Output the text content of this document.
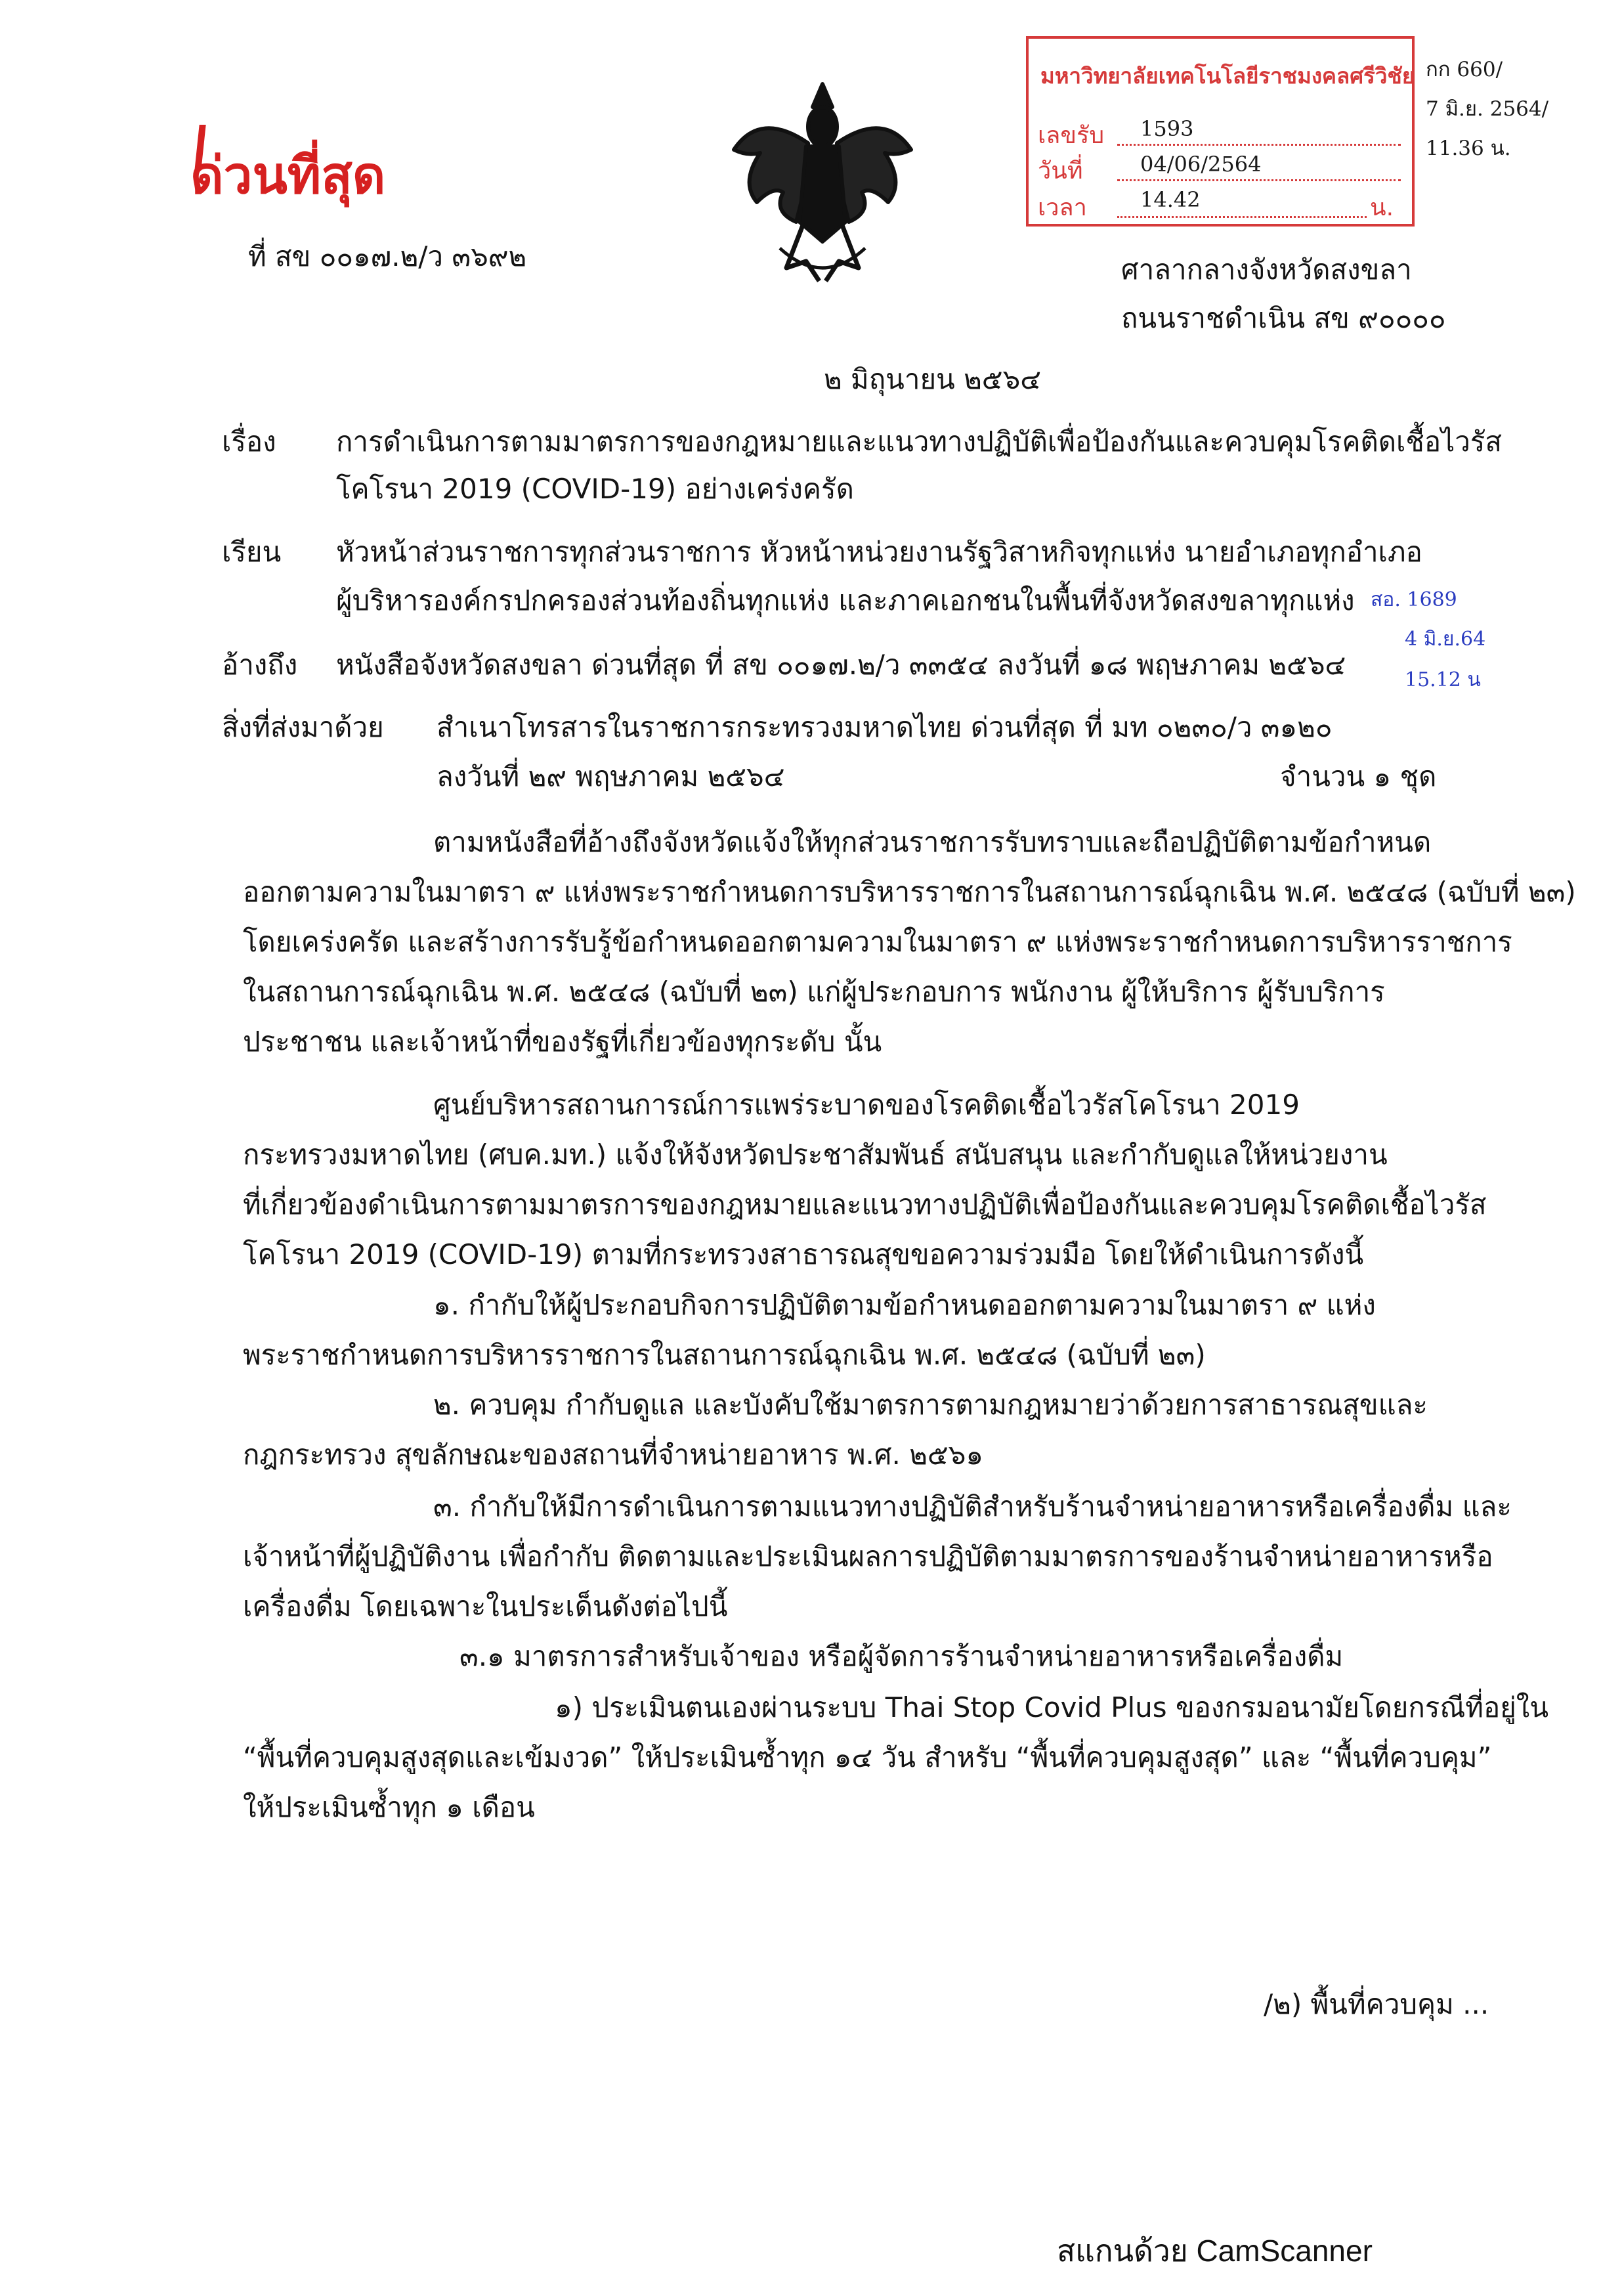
ด่วนที่สุด
ที่ สข ๐๐๑๗.๒/ว ๓๖๙๒
มหาวิทยาลัยเทคโนโลยีราชมงคลศรีวิชัย
เลขรับ 1593
วันที่	04/06/2564
เวลา	14.42	น.
กก 660/
7 มิ.ย. 2564/
11.36 น.
ศาลากลางจังหวัดสงขลา
ถนนราชดำเนิน สข ๙๐๐๐๐
๒ มิถุนายน ๒๕๖๔
เรื่อง การดำเนินการตามมาตรการของกฎหมายและแนวทางปฏิบัติเพื่อป้องกันและควบคุมโรคติดเชื้อไวรัส
โคโรนา 2019 (COVID-19) อย่างเคร่งครัด
เรียน หัวหน้าส่วนราชการทุกส่วนราชการ หัวหน้าหน่วยงานรัฐวิสาหกิจทุกแห่ง นายอำเภอทุกอำเภอ
ผู้บริหารองค์กรปกครองส่วนท้องถิ่นทุกแห่ง และภาคเอกชนในพื้นที่จังหวัดสงขลาทุกแห่ง สอ. 1689
4 มิ.ย.64
15.12 น
อ้างถึง หนังสือจังหวัดสงขลา ด่วนที่สุด ที่ สข ๐๐๑๗.๒/ว ๓๓๕๔ ลงวันที่ ๑๘ พฤษภาคม ๒๕๖๔
สิ่งที่ส่งมาด้วย สำเนาโทรสารในราชการกระทรวงมหาดไทย ด่วนที่สุด ที่ มท ๐๒๓๐/ว ๓๑๒๐
ลงวันที่ ๒๙ พฤษภาคม ๒๕๖๔	จำนวน ๑ ชุด
ตามหนังสือที่อ้างถึงจังหวัดแจ้งให้ทุกส่วนราชการรับทราบและถือปฏิบัติตามข้อกำหนด
ออกตามความในมาตรา ๙ แห่งพระราชกำหนดการบริหารราชการในสถานการณ์ฉุกเฉิน พ.ศ. ๒๕๔๘ (ฉบับที่ ๒๓)
โดยเคร่งครัด และสร้างการรับรู้ข้อกำหนดออกตามความในมาตรา ๙ แห่งพระราชกำหนดการบริหารราชการ
ในสถานการณ์ฉุกเฉิน พ.ศ. ๒๕๔๘ (ฉบับที่ ๒๓) แก่ผู้ประกอบการ พนักงาน ผู้ให้บริการ ผู้รับบริการ
ประชาชน และเจ้าหน้าที่ของรัฐที่เกี่ยวข้องทุกระดับ นั้น
ศูนย์บริหารสถานการณ์การแพร่ระบาดของโรคติดเชื้อไวรัสโคโรนา 2019
กระทรวงมหาดไทย (ศบค.มท.) แจ้งให้จังหวัดประชาสัมพันธ์ สนับสนุน และกำกับดูแลให้หน่วยงาน
ที่เกี่ยวข้องดำเนินการตามมาตรการของกฎหมายและแนวทางปฏิบัติเพื่อป้องกันและควบคุมโรคติดเชื้อไวรัส
โคโรนา 2019 (COVID-19) ตามที่กระทรวงสาธารณสุขขอความร่วมมือ โดยให้ดำเนินการดังนี้
๑. กำกับให้ผู้ประกอบกิจการปฏิบัติตามข้อกำหนดออกตามความในมาตรา ๙ แห่ง
พระราชกำหนดการบริหารราชการในสถานการณ์ฉุกเฉิน พ.ศ. ๒๕๔๘ (ฉบับที่ ๒๓)
๒. ควบคุม กำกับดูแล และบังคับใช้มาตรการตามกฎหมายว่าด้วยการสาธารณสุขและ
กฎกระทรวง สุขลักษณะของสถานที่จำหน่ายอาหาร พ.ศ. ๒๕๖๑
๓. กำกับให้มีการดำเนินการตามแนวทางปฏิบัติสำหรับร้านจำหน่ายอาหารหรือเครื่องดื่ม และ
เจ้าหน้าที่ผู้ปฏิบัติงาน เพื่อกำกับ ติดตามและประเมินผลการปฏิบัติตามมาตรการของร้านจำหน่ายอาหารหรือ
เครื่องดื่ม โดยเฉพาะในประเด็นดังต่อไปนี้
๓.๑ มาตรการสำหรับเจ้าของ หรือผู้จัดการร้านจำหน่ายอาหารหรือเครื่องดื่ม
๑) ประเมินตนเองผ่านระบบ Thai Stop Covid Plus ของกรมอนามัยโดยกรณีที่อยู่ใน
“พื้นที่ควบคุมสูงสุดและเข้มงวด” ให้ประเมินซ้ำทุก ๑๔ วัน สำหรับ “พื้นที่ควบคุมสูงสุด” และ “พื้นที่ควบคุม”
ให้ประเมินซ้ำทุก ๑ เดือน
/๒) พื้นที่ควบคุม ...
สแกนด้วย CamScanner
